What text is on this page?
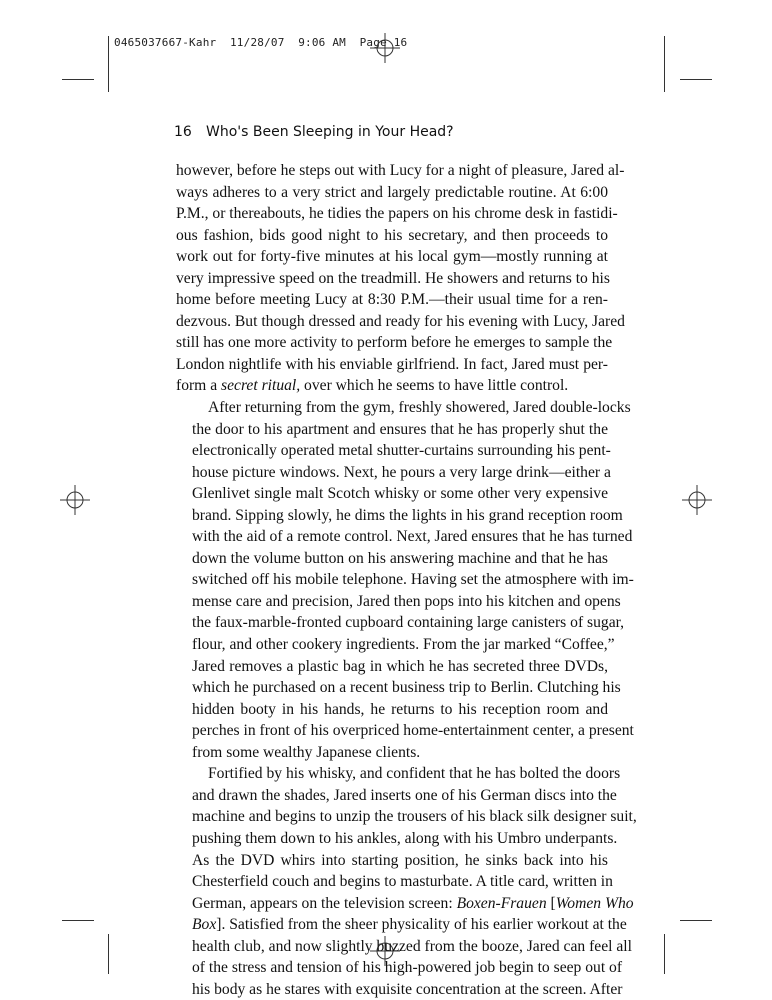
0465037667-Kahr  11/28/07  9:06 AM  Page 16
16 Who's Been Sleeping in Your Head?

however, before he steps out with Lucy for a night of pleasure, Jared al-
ways adheres to a very strict and largely predictable routine. At 6:00
P.M., or thereabouts, he tidies the papers on his chrome desk in fastidi-
ous fashion, bids good night to his secretary, and then proceeds to
work out for forty-five minutes at his local gym—mostly running at
very impressive speed on the treadmill. He showers and returns to his
home before meeting Lucy at 8:30 P.M.—their usual time for a ren-
dezvous. But though dressed and ready for his evening with Lucy, Jared
still has one more activity to perform before he emerges to sample the
London nightlife with his enviable girlfriend. In fact, Jared must per-
form a secret ritual, over which he seems to have little control.

After returning from the gym, freshly showered, Jared double-locks
the door to his apartment and ensures that he has properly shut the
electronically operated metal shutter-curtains surrounding his pent-
house picture windows. Next, he pours a very large drink—either a
Glenlivet single malt Scotch whisky or some other very expensive
brand. Sipping slowly, he dims the lights in his grand reception room
with the aid of a remote control. Next, Jared ensures that he has turned
down the volume button on his answering machine and that he has
switched off his mobile telephone. Having set the atmosphere with im-
mense care and precision, Jared then pops into his kitchen and opens
the faux-marble-fronted cupboard containing large canisters of sugar,
flour, and other cookery ingredients. From the jar marked “Coffee,”
Jared removes a plastic bag in which he has secreted three DVDs,
which he purchased on a recent business trip to Berlin. Clutching his
hidden booty in his hands, he returns to his reception room and
perches in front of his overpriced home-entertainment center, a present
from some wealthy Japanese clients.

Fortified by his whisky, and confident that he has bolted the doors
and drawn the shades, Jared inserts one of his German discs into the
machine and begins to unzip the trousers of his black silk designer suit,
pushing them down to his ankles, along with his Umbro underpants.
As the DVD whirs into starting position, he sinks back into his
Chesterfield couch and begins to masturbate. A title card, written in
German, appears on the television screen: Boxen-Frauen [Women Who
Box]. Satisfied from the sheer physicality of his earlier workout at the
health club, and now slightly buzzed from the booze, Jared can feel all
of the stress and tension of his high-powered job begin to seep out of
his body as he stares with exquisite concentration at the screen. After
